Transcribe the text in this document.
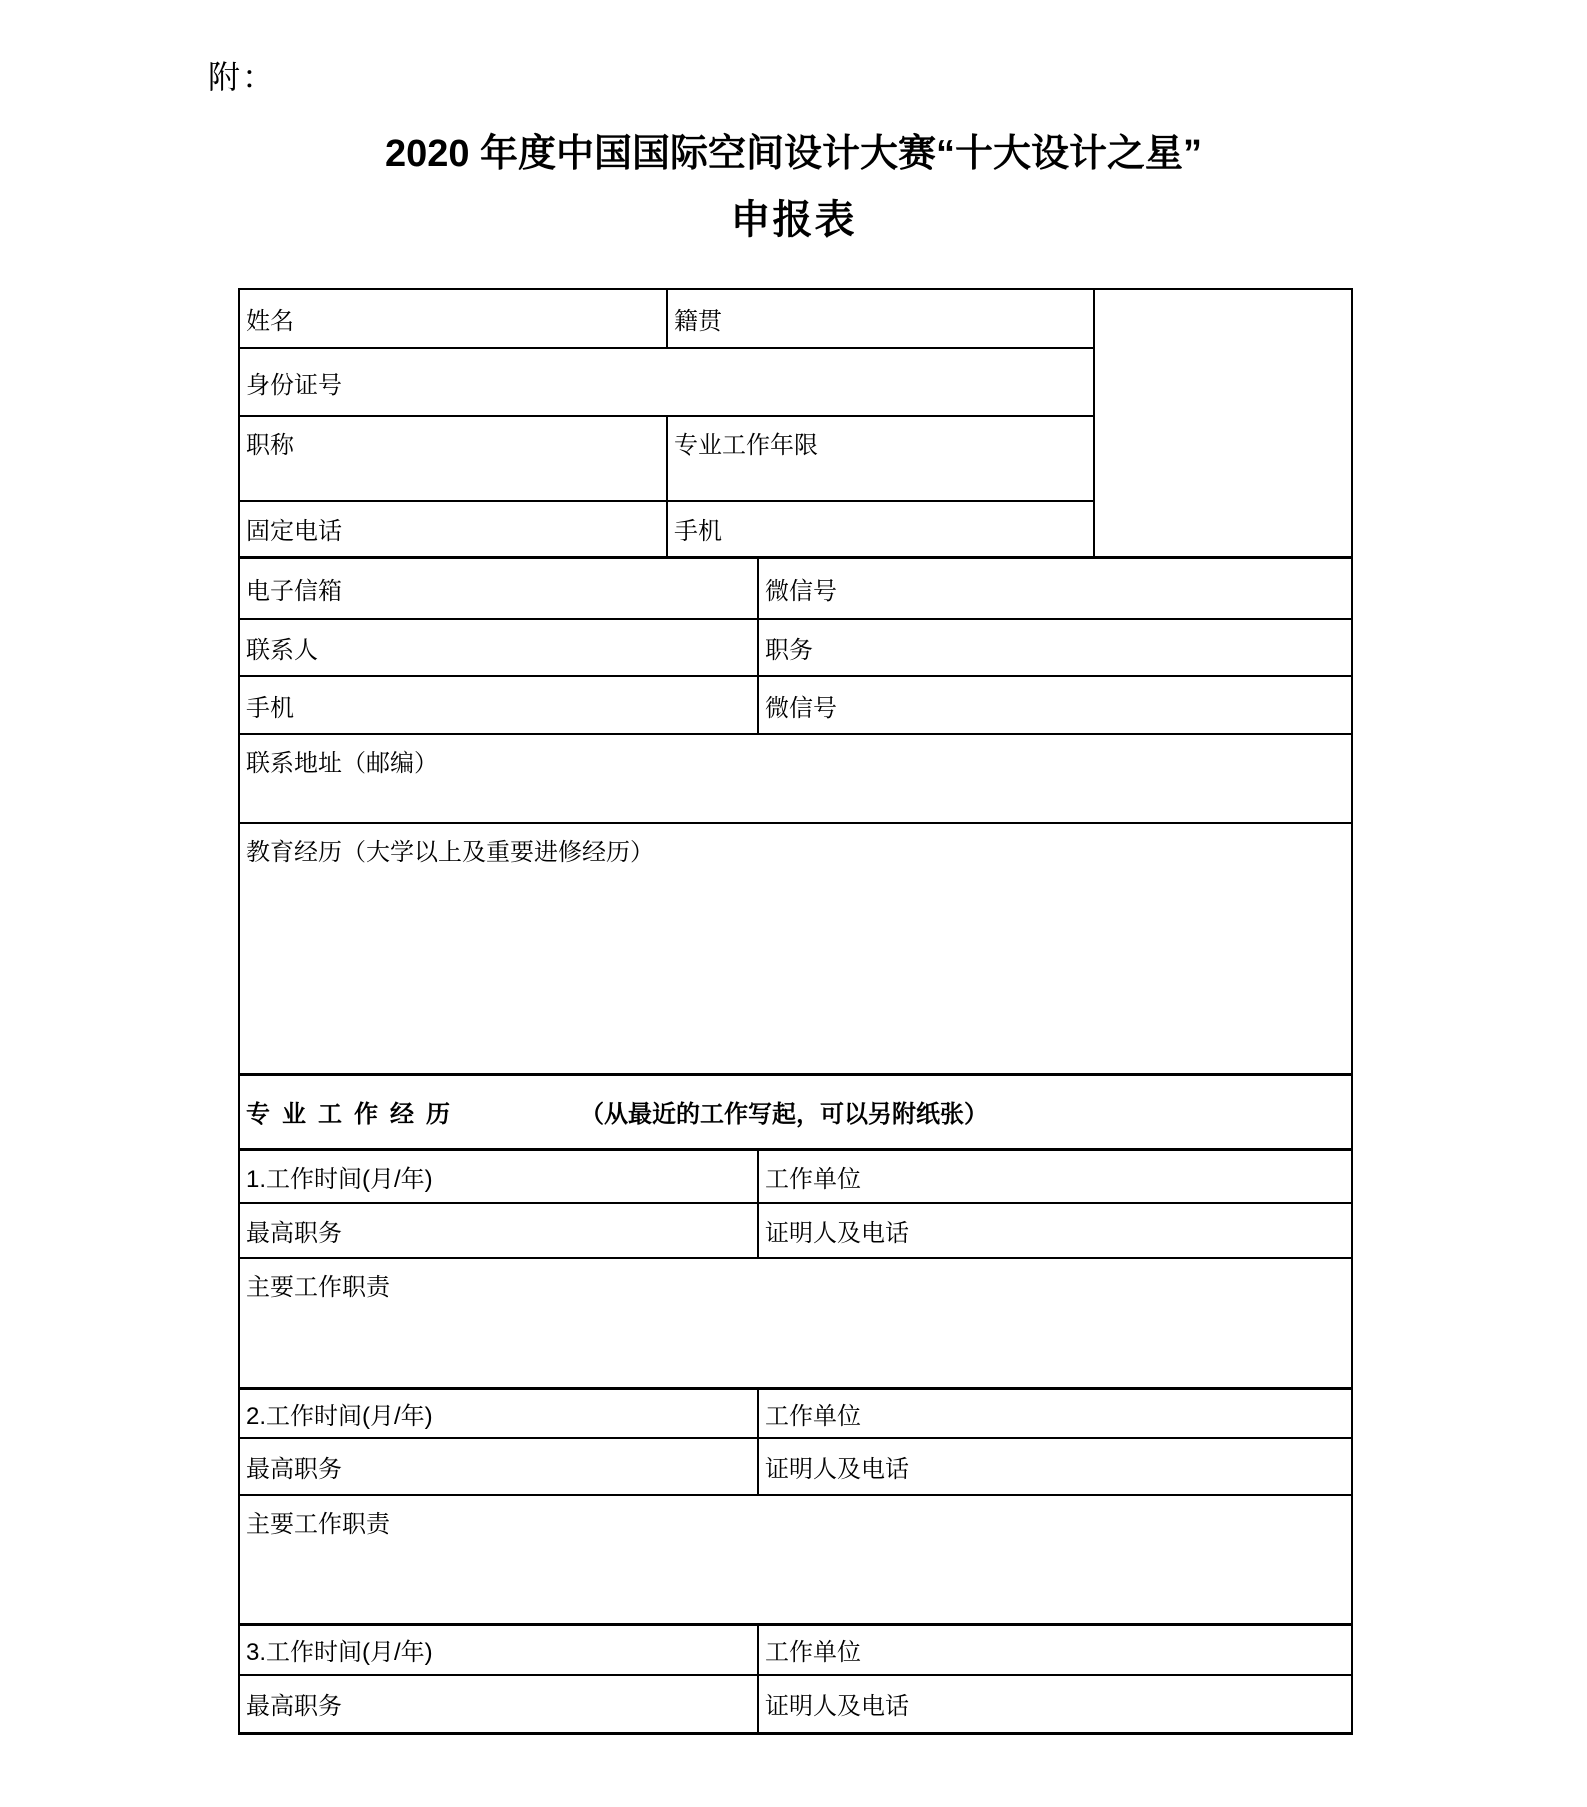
附：
2020 年度中国国际空间设计大赛“十大设计之星”
申报表
姓名	籍贯		
身份证号			
职称	专业工作年限		
固定电话	手机		
电子信箱		微信号	
联系人		职务	
手机		微信号	
联系地址（邮编）			
教育经历（大学以上及重要进修经历）			
专业工作经历 （从最近的工作写起，可以另附纸张）			
1.工作时间(月/年)		工作单位	
最高职务		证明人及电话	
主要工作职责			
2.工作时间(月/年)		工作单位	
最高职务		证明人及电话	
主要工作职责			
3.工作时间(月/年)		工作单位	
最高职务		证明人及电话	
